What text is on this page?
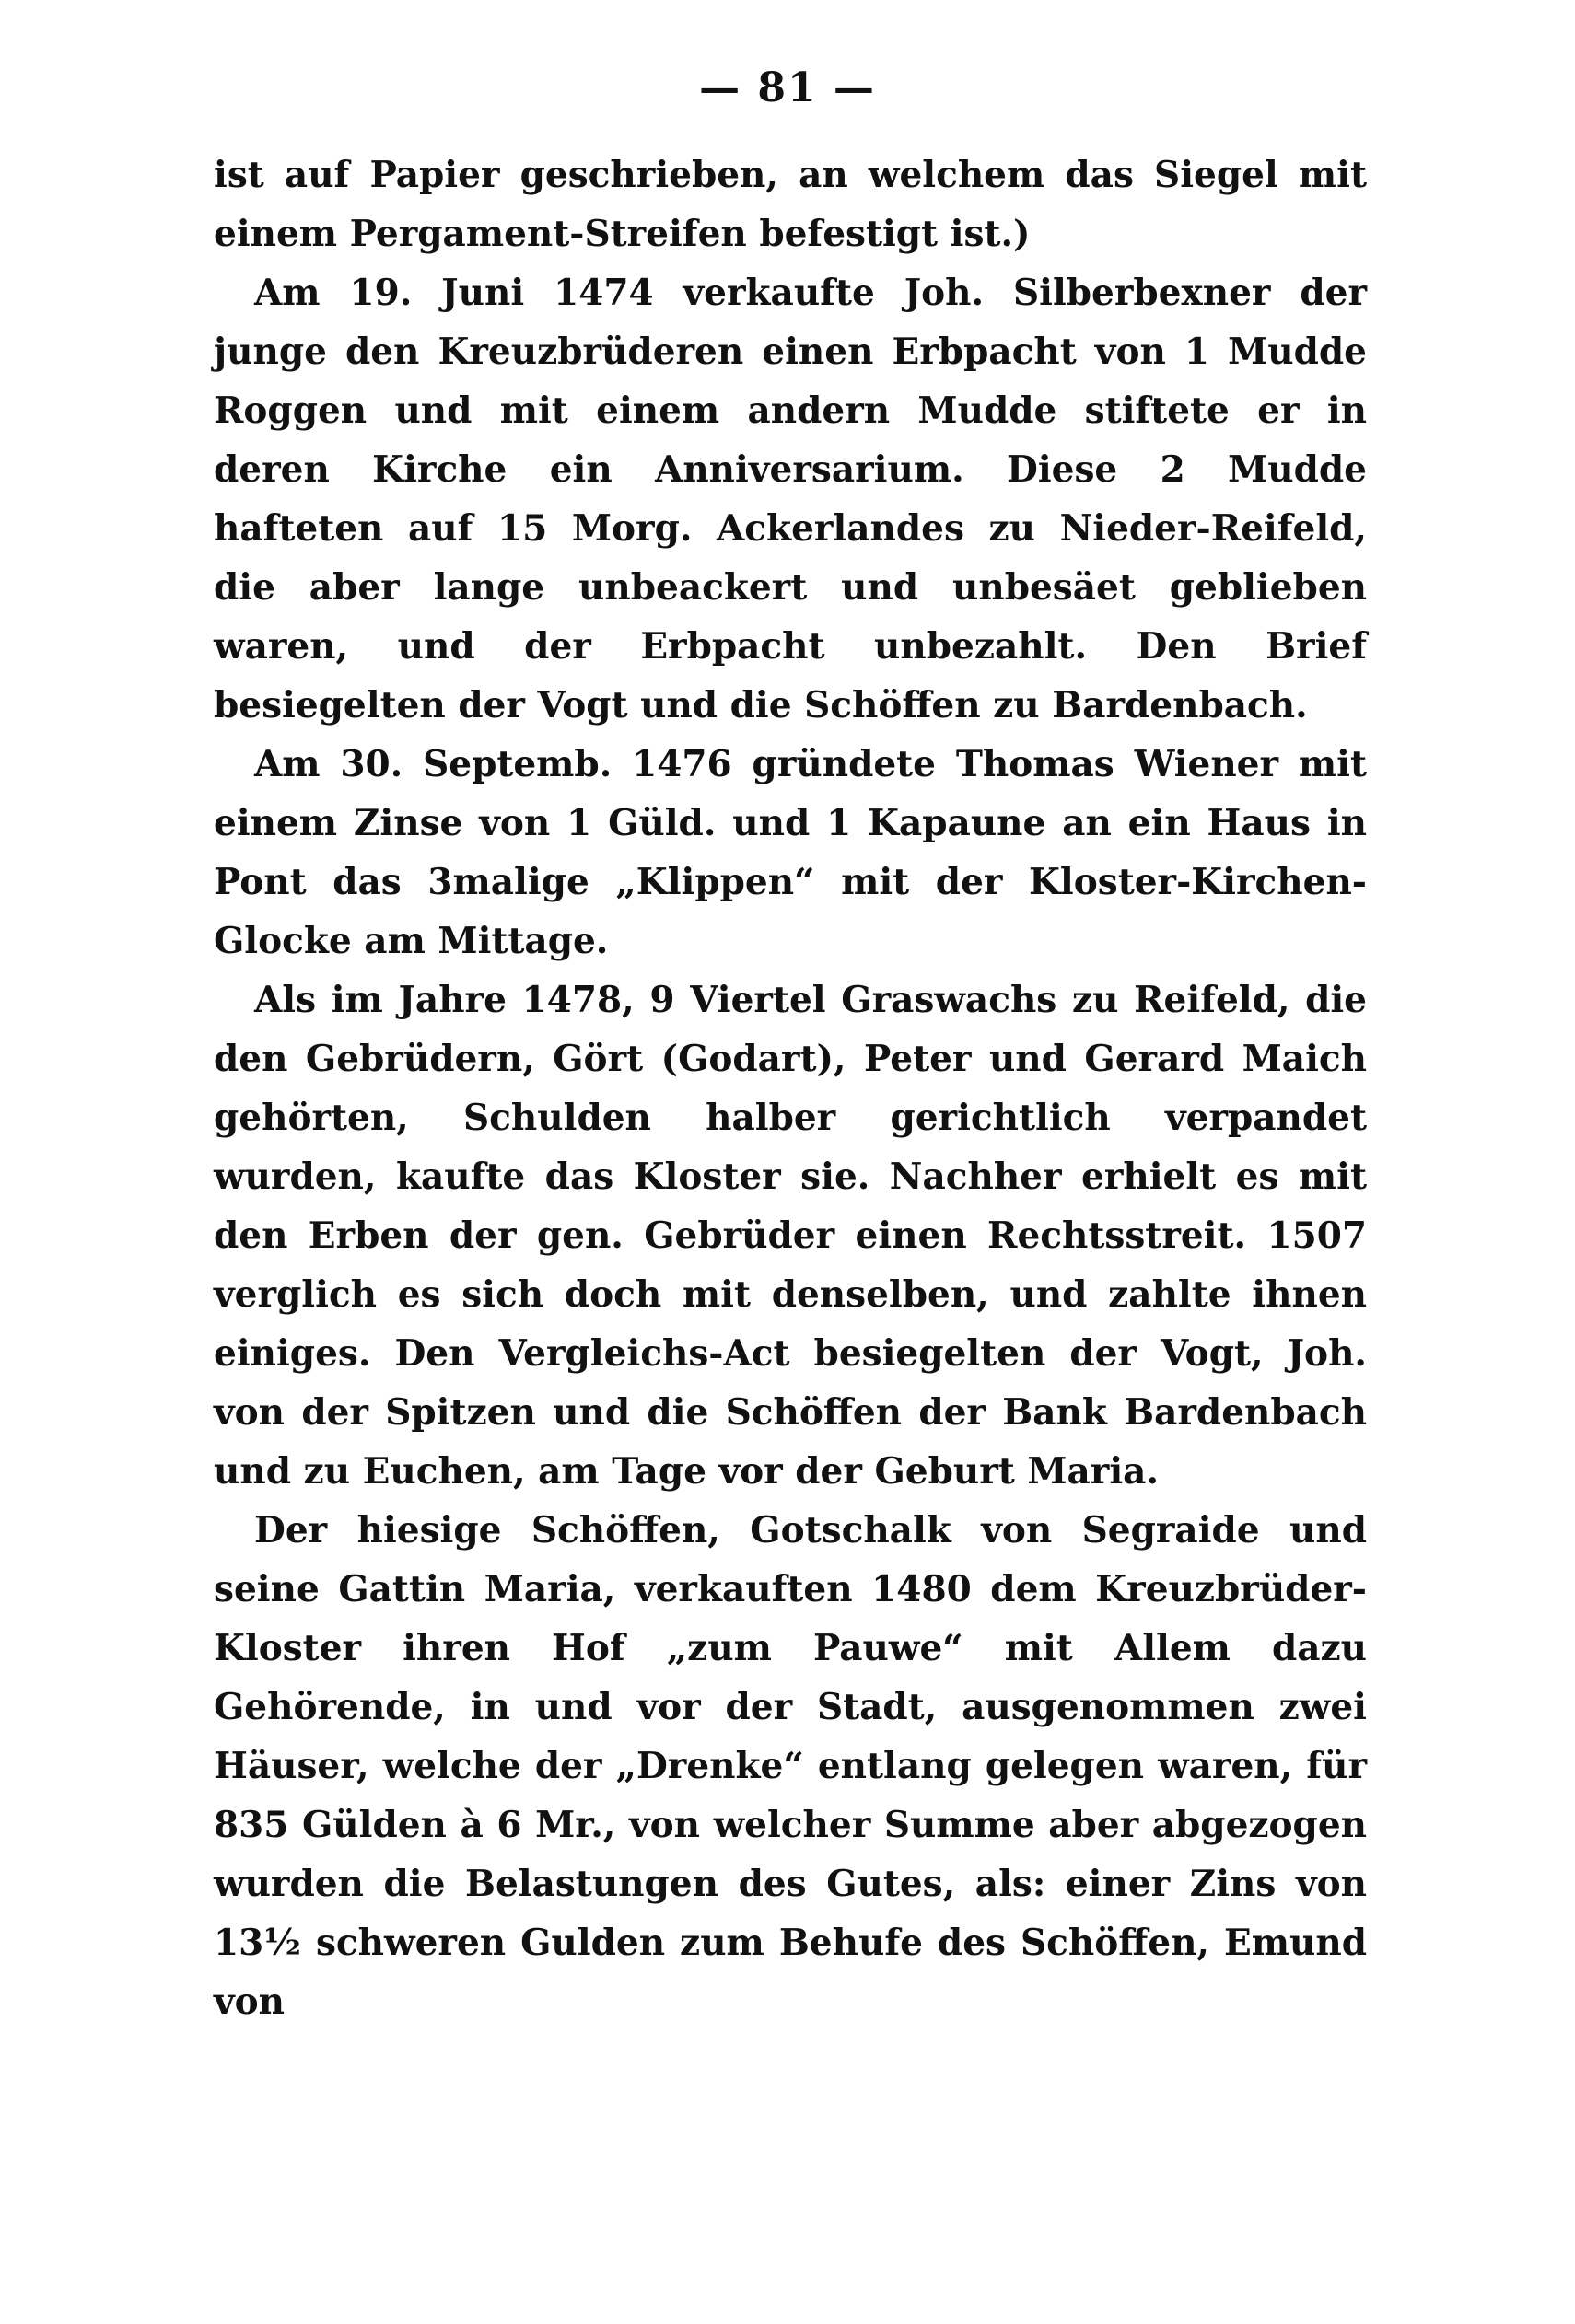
— 81 —

ist auf Papier geschrieben, an welchem das Siegel mit einem Pergament-Streifen befestigt ist.)

Am 19. Juni 1474 verkaufte Joh. Silberbexner der junge den Kreuzbrüderen einen Erbpacht von 1 Mudde Roggen und mit einem andern Mudde stiftete er in deren Kirche ein Anniversarium. Diese 2 Mudde hafteten auf 15 Morg. Ackerlandes zu Nieder-Reifeld, die aber lange unbeackert und unbesäet geblieben waren, und der Erbpacht unbezahlt. Den Brief besiegelten der Vogt und die Schöffen zu Bardenbach.

Am 30. Septemb. 1476 gründete Thomas Wiener mit einem Zinse von 1 Güld. und 1 Kapaune an ein Haus in Pont das 3malige „Klippen“ mit der Kloster-Kirchen-Glocke am Mittage.

Als im Jahre 1478, 9 Viertel Graswachs zu Reifeld, die den Gebrüdern, Gört (Godart), Peter und Gerard Maich gehörten, Schulden halber gerichtlich verpandet wurden, kaufte das Kloster sie. Nachher erhielt es mit den Erben der gen. Gebrüder einen Rechtsstreit. 1507 verglich es sich doch mit denselben, und zahlte ihnen einiges. Den Vergleichs-Act besiegelten der Vogt, Joh. von der Spitzen und die Schöffen der Bank Bardenbach und zu Euchen, am Tage vor der Geburt Maria.

Der hiesige Schöffen, Gotschalk von Segraide und seine Gattin Maria, verkauften 1480 dem Kreuzbrüder-Kloster ihren Hof „zum Pauwe“ mit Allem dazu Gehörende, in und vor der Stadt, ausgenommen zwei Häuser, welche der „Drenke“ entlang gelegen waren, für 835 Gülden à 6 Mr., von welcher Summe aber abgezogen wurden die Belastungen des Gutes, als: einer Zins von 13½ schweren Gulden zum Behufe des Schöffen, Emund von
